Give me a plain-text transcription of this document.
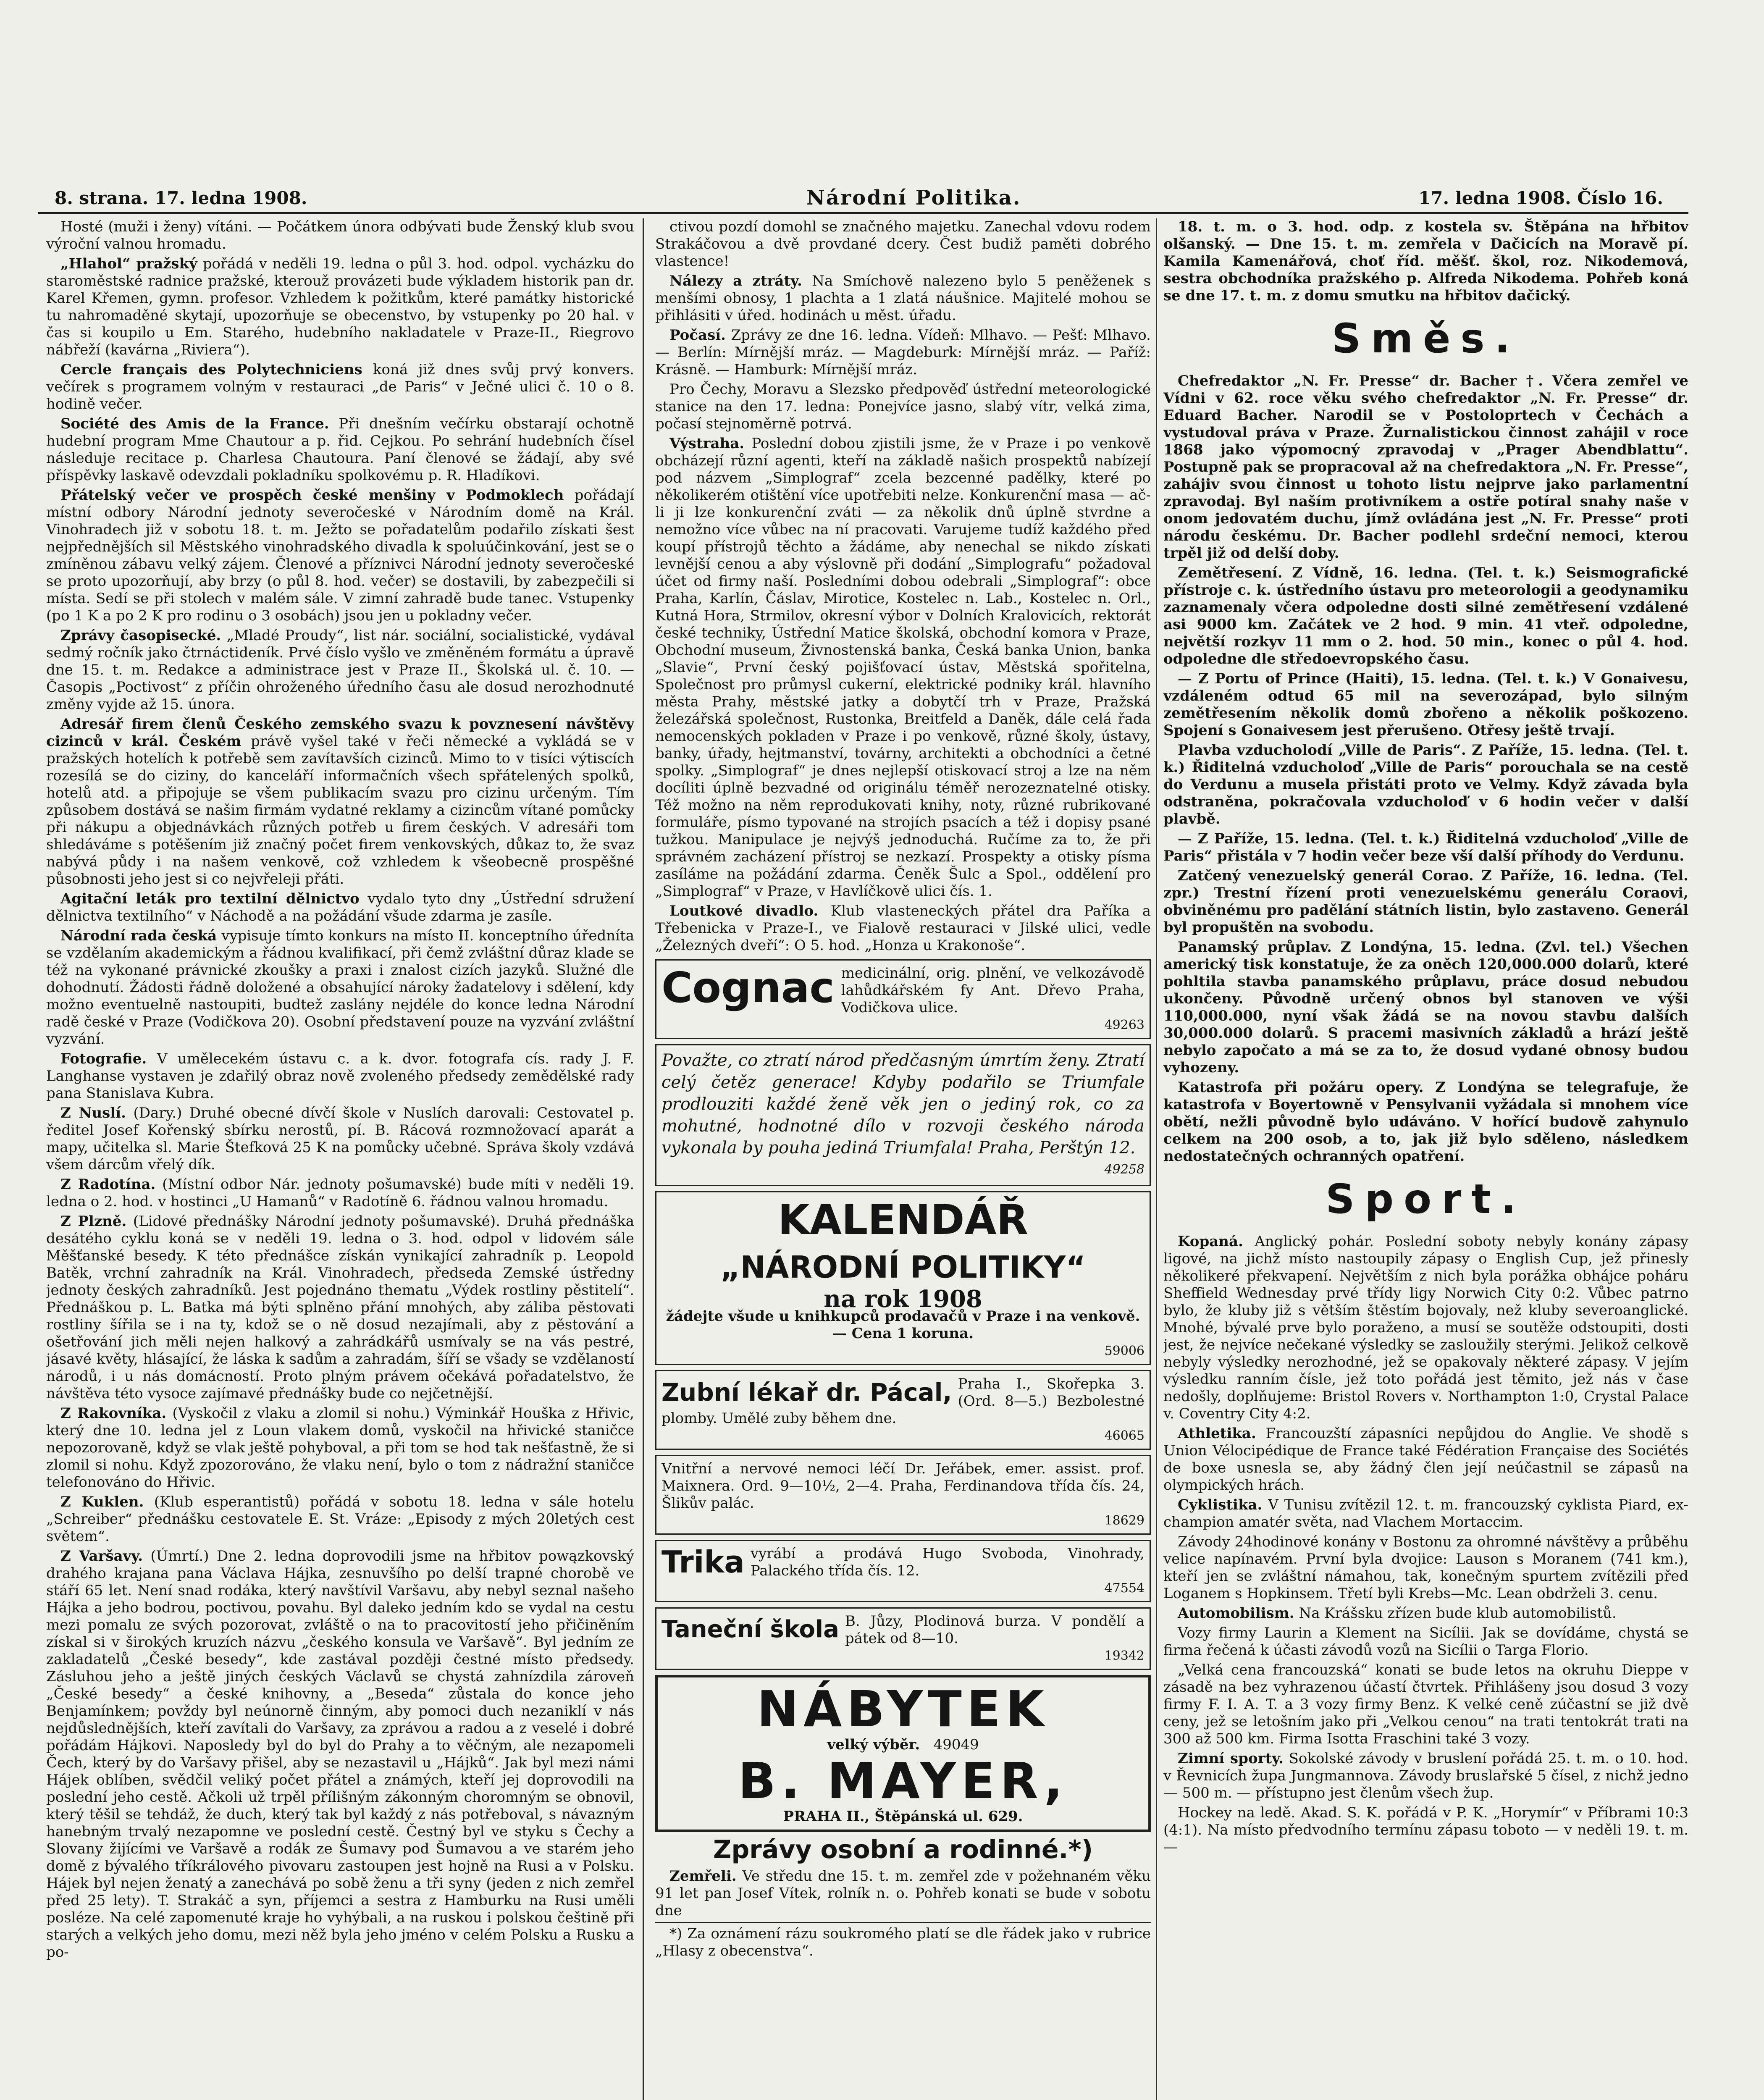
8. strana. 17. ledna 1908.	Národní Politika.	17. ledna 1908. Číslo 16.

Hosté (muži i ženy) vítáni. — Počátkem února odbývati bude Ženský klub svou výroční valnou hromadu.

„Hlahol“ pražský pořádá v neděli 19. ledna o půl 3. hod. odpol. vycházku do staroměstské radnice pražské, kterouž provázeti bude výkladem historik pan dr. Karel Křemen, gymn. profesor. Vzhledem k požitkům, které památky historické tu nahromaděné skytají, upozorňuje se obecenstvo, by vstupenky po 20 hal. v čas si koupilo u Em. Starého, hudebního nakladatele v Praze-II., Riegrovo nábřeží (kavárna „Riviera“).

Cercle français des Polytechniciens koná již dnes svůj prvý konvers. večírek s programem volným v restauraci „de Paris“ v Ječné ulici č. 10 o 8. hodině večer.

Société des Amis de la France. Při dnešním večírku obstarají ochotně hudební program Mme Chautour a p. řid. Cejkou. Po sehrání hudebních čísel následuje recitace p. Charlesa Chautoura. Paní členové se žádají, aby své příspěvky laskavě odevzdali pokladníku spolkovému p. R. Hladíkovi.

Přátelský večer ve prospěch české menšiny v Podmoklech pořádají místní odbory Národní jednoty severočeské v Národním domě na Král. Vinohradech již v sobotu 18. t. m. Ježto se pořadatelům podařilo získati šest nejpřednějších sil Městského vinohradského divadla k spoluúčinkování, jest se o zmíněnou zábavu velký zájem. Členové a příznivci Národní jednoty severočeské se proto upozorňují, aby brzy (o půl 8. hod. večer) se dostavili, by zabezpečili si místa. Sedí se při stolech v malém sále. V zimní zahradě bude tanec. Vstupenky (po 1 K a po 2 K pro rodinu o 3 osobách) jsou jen u pokladny večer.

Zprávy časopisecké. „Mladé Proudy“, list nár. sociální, socialistické, vydával sedmý ročník jako čtrnáctideník. Prvé číslo vyšlo ve změněném formátu a úpravě dne 15. t. m. Redakce a administrace jest v Praze II., Školská ul. č. 10. — Časopis „Poctivost“ z příčin ohroženého úředního času ale dosud nerozhodnuté změny vyjde až 15. února.

Adresář firem členů Českého zemského svazu k povznesení návštěvy cizinců v král. Českém právě vyšel také v řeči německé a vykládá se v pražských hotelích k potřebě sem zavítavších cizinců. Mimo to v tisíci výtiscích rozesílá se do ciziny, do kanceláří informačních všech spřátelených spolků, hotelů atd. a připojuje se všem publikacím svazu pro cizinu určeným. Tím způsobem dostává se našim firmám vydatné reklamy a cizincům vítané pomůcky při nákupu a objednávkách různých potřeb u firem českých. V adresáři tom shledáváme s potěšením již značný počet firem venkovských, důkaz to, že svaz nabývá půdy i na našem venkově, což vzhledem k všeobecně prospěšné působnosti jeho jest si co nejvřeleji přáti.

Agitační leták pro textilní dělnictvo vydalo tyto dny „Ústřední sdružení dělnictva textilního“ v Náchodě a na požádání všude zdarma je zasíle.

Národní rada česká vypisuje tímto konkurs na místo II. konceptního úředníta se vzdělaním akademickým a řádnou kvalifikací, při čemž zvláštní důraz klade se též na vykonané právnické zkoušky a praxi i znalost cizích jazyků. Služné dle dohodnutí. Žádosti řádně doložené a obsahující nároky žadatelovy i sdělení, kdy možno eventuelně nastoupiti, budtež zaslány nejdéle do konce ledna Národní radě české v Praze (Vodičkova 20). Osobní představení pouze na vyzvání zvláštní vyzvání.

Fotografie. V umělecekém ústavu c. a k. dvor. fotografa cís. rady J. F. Langhanse vystaven je zdařilý obraz nově zvoleného předsedy zemědělské rady pana Stanislava Kubra.

Z Nuslí. (Dary.) Druhé obecné dívčí škole v Nuslích darovali: Cestovatel p. ředitel Josef Kořenský sbírku nerostů, pí. B. Rácová rozmnožovací aparát a mapy, učitelka sl. Marie Štefková 25 K na pomůcky učebné. Správa školy vzdává všem dárcům vřelý dík.

Z Radotína. (Místní odbor Nár. jednoty pošumavské) bude míti v neděli 19. ledna o 2. hod. v hostinci „U Hamanů“ v Radotíně 6. řádnou valnou hromadu.

Z Plzně. (Lidové přednášky Národní jednoty pošumavské). Druhá přednáška desátého cyklu koná se v neděli 19. ledna o 3. hod. odpol v lidovém sále Měšťanské besedy. K této přednášce získán vynikající zahradník p. Leopold Batěk, vrchní zahradník na Král. Vinohradech, předseda Zemské ústředny jednoty českých zahradníků. Jest pojednáno thematu „Výdek rostliny pěstitelí“. Přednáškou p. L. Batka má býti splněno přání mnohých, aby záliba pěstovati rostliny šířila se i na ty, kdož se o ně dosud nezajímali, aby z pěstování a ošetřování jich měli nejen halkový a zahrádkářů usmívaly se na vás pestré, jásavé květy, hlásající, že láska k sadům a zahradám, šíří se všady se vzdělaností národů, i u nás domácností. Proto plným právem očekává pořadatelstvo, že návštěva této vysoce zajímavé přednášky bude co nejčetnější.

Z Rakovníka. (Vyskočil z vlaku a zlomil si nohu.) Výminkář Houška z Hřivic, který dne 10. ledna jel z Loun vlakem domů, vyskočil na hřivické staničce nepozorovaně, když se vlak ještě pohyboval, a při tom se hod tak nešťastně, že si zlomil si nohu. Když zpozorováno, že vlaku není, bylo o tom z nádražní staničce telefonováno do Hřivic.

Z Kuklen. (Klub esperantistů) pořádá v sobotu 18. ledna v sále hotelu „Schreiber“ přednášku cestovatele E. St. Vráze: „Episody z mých 20letých cest světem“.

Z Varšavy. (Úmrtí.) Dne 2. ledna doprovodili jsme na hřbitov powązkovský drahého krajana pana Václava Hájka, zesnuvšího po delší trapné chorobě ve stáří 65 let. Není snad rodáka, který navštívil Varšavu, aby nebyl seznal našeho Hájka a jeho bodrou, poctivou, povahu. Byl daleko jedním kdo se vydal na cestu mezi pomalu ze svých pozorovat, zvláště o na to pracovitostí jeho přičiněním získal si v širokých kruzích názvu „českého konsula ve Varšavě“. Byl jedním ze zakladatelů „České besedy“, kde zastával později čestné místo předsedy. Zásluhou jeho a ještě jiných českých Václavů se chystá zahnízdila zároveň „České besedy“ a české knihovny, a „Beseda“ zůstala do konce jeho Benjamínkem; povždy byl neúnorně činným, aby pomoci duch nezaniklí v nás nejdůslednějších, kteří zavítali do Varšavy, za zprávou a radou a z veselé i dobré pořádám Hájkovi. Naposledy byl do byl do Prahy a to věčným, ale nezapomeli Čech, který by do Varšavy přišel, aby se nezastavil u „Hájků“. Jak byl mezi námi Hájek oblíben, svědčil veliký počet přátel a známých, kteří jej doprovodili na poslední jeho cestě. Ačkoli už trpěl přílišným zákonným choromným se obnovil, který těšil se tehdáž, že duch, který tak byl každý z nás potřeboval, s návazným hanebným trvalý nezapomne ve poslední cestě. Čestný byl ve styku s Čechy a Slovany žijícími ve Varšavě a rodák ze Šumavy pod Šumavou a ve starém jeho domě z bývalého tříkrálového pivovaru zastoupen jest hojně na Rusi a v Polsku. Hájek byl nejen ženatý a zanechává po sobě ženu a tři syny (jeden z nich zemřel před 25 lety). T. Strakáč a syn, příjemci a sestra z Hamburku na Rusi uměli posléze. Na celé zapomenuté kraje ho vyhýbali, a na ruskou i polskou češtině při starých a velkých jeho domu, mezi něž byla jeho jméno v celém Polsku a Rusku a po-

ctivou pozdí domohl se značného majetku. Zanechal vdovu rodem Strakáčovou a dvě provdané dcery. Čest budiž paměti dobrého vlastence!

Nálezy a ztráty. Na Smíchově nalezeno bylo 5 peněženek s menšími obnosy, 1 plachta a 1 zlatá náušnice. Majitelé mohou se přihlásiti v úřed. hodinách u měst. úřadu.

Počasí. Zprávy ze dne 16. ledna. Vídeň: Mlhavo. — Pešť: Mlhavo. — Berlín: Mírnější mráz. — Magdeburk: Mírnější mráz. — Paříž: Krásně. — Hamburk: Mírnější mráz.

Pro Čechy, Moravu a Slezsko předpověď ústřední meteorologické stanice na den 17. ledna: Ponejvíce jasno, slabý vítr, velká zima, počasí stejnoměrně potrvá.

Výstraha. Poslední dobou zjistili jsme, že v Praze i po venkově obcházejí různí agenti, kteří na základě našich prospektů nabízejí pod názvem „Simplograf“ zcela bezcenné padělky, které po několikerém otištění více upotřebiti nelze. Konkurenční masa — ač-li ji lze konkurenční zváti — za několik dnů úplně stvrdne a nemožno více vůbec na ní pracovati. Varujeme tudíž každého před koupí přístrojů těchto a žádáme, aby nenechal se nikdo získati levnější cenou a aby výslovně při dodání „Simplografu“ požadoval účet od firmy naší. Posledními dobou odebrali „Simplograf“: obce Praha, Karlín, Čáslav, Mirotice, Kostelec n. Lab., Kostelec n. Orl., Kutná Hora, Strmilov, okresní výbor v Dolních Kralovicích, rektorát české techniky, Ústřední Matice školská, obchodní komora v Praze, Obchodní museum, Živnostenská banka, Česká banka Union, banka „Slavie“, První český pojišťovací ústav, Městská spořitelna, Společnost pro průmysl cukerní, elektrické podniky král. hlavního města Prahy, městské jatky a dobytčí trh v Praze, Pražská železářská společnost, Rustonka, Breitfeld a Daněk, dále celá řada nemocenských pokladen v Praze i po venkově, různé školy, ústavy, banky, úřady, hejtmanství, továrny, architekti a obchodníci a četné spolky. „Simplograf“ je dnes nejlepší otiskovací stroj a lze na něm docíliti úplně bezvadné od originálu téměř nerozeznatelné otisky. Též možno na něm reprodukovati knihy, noty, různé rubrikované formuláře, písmo typované na strojích psacích a též i dopisy psané tužkou. Manipulace je nejvýš jednoduchá. Ručíme za to, že při správném zacházení přístroj se nezkazí. Prospekty a otisky písma zasíláme na požádání zdarma. Čeněk Šulc a Spol., oddělení pro „Simplograf“ v Praze, v Havlíčkově ulici čís. 1.

Loutkové divadlo. Klub vlasteneckých přátel dra Paříka a Třebenicka v Praze-I., ve Fialově restauraci v Jilské ulici, vedle „Železných dveří“: O 5. hod. „Honza u Krakonoše“.

Cognac medicinální, orig. plnění, ve velkozávodě lahůdkářském fy Ant. Dřevo Praha, Vodičkova ulice.
49263
Považte, co ztratí národ předčasným úmrtím ženy. Ztratí celý četěz generace! Kdyby podařilo se Triumfale prodlouziti každé ženě věk jen o jediný rok, co za mohutné, hodnotné dílo v rozvoji českého národa vykonala by pouha jediná Triumfala! Praha, Perštýn 12.
49258
KALENDÁŘ
„NÁRODNÍ POLITIKY“
na rok 1908
žádejte všude u knihkupců prodavačů v Praze i na venkově. — Cena 1 koruna.
59006
Zubní lékař dr. Pácal, Praha I., Skořepka 3. (Ord. 8—5.) Bezbolestné plomby. Umělé zuby během dne.
46065
Vnitřní a nervové nemoci léčí Dr. Jeřábek, emer. assist. prof. Maixnera. Ord. 9—10½, 2—4. Praha, Ferdinandova třída čís. 24, Šlikův palác.
18629
Trika vyrábí a prodává Hugo Svoboda, Vinohrady, Palackého třída čís. 12.
47554
Taneční škola B. Jůzy, Plodinová burza. V pondělí a pátek od 8—10.
19342
NÁBYTEK
velký výběr. 49049
B. MAYER,
PRAHA II., Štěpánská ul. 629.
Zprávy osobní a rodinné.*)

Zemřeli. Ve středu dne 15. t. m. zemřel zde v požehnaném věku 91 let pan Josef Vítek, rolník n. o. Pohřeb konati se bude v sobotu dne

*) Za oznámení rázu soukromého platí se dle řádek jako v rubrice „Hlasy z obecenstva“.

18. t. m. o 3. hod. odp. z kostela sv. Štěpána na hřbitov olšanský. — Dne 15. t. m. zemřela v Dačicích na Moravě pí. Kamila Kamenářová, choť říd. měšť. škol, roz. Nikodemová, sestra obchodníka pražského p. Alfreda Nikodema. Pohřeb koná se dne 17. t. m. z domu smutku na hřbitov dačický.

Směs.

Chefredaktor „N. Fr. Presse“ dr. Bacher †. Včera zemřel ve Vídni v 62. roce věku svého chefredaktor „N. Fr. Presse“ dr. Eduard Bacher. Narodil se v Postoloprtech v Čechách a vystudoval práva v Praze. Žurnalistickou činnost zahájil v roce 1868 jako výpomocný zpravodaj v „Prager Abendblattu“. Postupně pak se propracoval až na chefredaktora „N. Fr. Presse“, zahájiv svou činnost u tohoto listu nejprve jako parlamentní zpravodaj. Byl naším protivníkem a ostře potíral snahy naše v onom jedovatém duchu, jímž ovládána jest „N. Fr. Presse“ proti národu českému. Dr. Bacher podlehl srdeční nemoci, kterou trpěl již od delší doby.

Zemětřesení. Z Vídně, 16. ledna. (Tel. t. k.) Seismografické přístroje c. k. ústředního ústavu pro meteorologii a geodynamiku zaznamenaly včera odpoledne dosti silné zemětřesení vzdálené asi 9000 km. Začátek ve 2 hod. 9 min. 41 vteř. odpoledne, největší rozkyv 11 mm o 2. hod. 50 min., konec o půl 4. hod. odpoledne dle středoevropského času.

— Z Portu of Prince (Haiti), 15. ledna. (Tel. t. k.) V Gonaivesu, vzdáleném odtud 65 mil na severozápad, bylo silným zemětřesením několik domů zbořeno a několik poškozeno. Spojení s Gonaivesem jest přerušeno. Otřesy ještě trvají.

Plavba vzducholodí „Ville de Paris“. Z Paříže, 15. ledna. (Tel. t. k.) Řiditelná vzducholoď „Ville de Paris“ porouchala se na cestě do Verdunu a musela přistáti proto ve Velmy. Když závada byla odstraněna, pokračovala vzducholoď v 6 hodin večer v další plavbě.

— Z Paříže, 15. ledna. (Tel. t. k.) Řiditelná vzducholoď „Ville de Paris“ přistála v 7 hodin večer beze vší další příhody do Verdunu.

Zatčený venezuelský generál Corao. Z Paříže, 16. ledna. (Tel. zpr.) Trestní řízení proti venezuelskému generálu Coraovi, obviněnému pro padělání státních listin, bylo zastaveno. Generál byl propuštěn na svobodu.

Panamský průplav. Z Londýna, 15. ledna. (Zvl. tel.) Všechen americký tisk konstatuje, že za oněch 120,000.000 dolarů, které pohltila stavba panamského průplavu, práce dosud nebudou ukončeny. Původně určený obnos byl stanoven ve výši 110,000.000, nyní však žádá se na novou stavbu dalších 30,000.000 dolarů. S pracemi masivních základů a hrází ještě nebylo započato a má se za to, že dosud vydané obnosy budou vyhozeny.

Katastrofa při požáru opery. Z Londýna se telegrafuje, že katastrofa v Boyertowně v Pensylvanii vyžádala si mnohem více obětí, nežli původně bylo udáváno. V hořící budově zahynulo celkem na 200 osob, a to, jak již bylo sděleno, následkem nedostatečných ochranných opatření.

Sport.

Kopaná. Anglický pohár. Poslední soboty nebyly konány zápasy ligové, na jichž místo nastoupily zápasy o English Cup, jež přinesly několikeré překvapení. Největším z nich byla porážka obhájce poháru Sheffield Wednesday prvé třídy ligy Norwich City 0:2. Vůbec patrno bylo, že kluby již s větším štěstím bojovaly, než kluby severoanglické. Mnohé, bývalé prve bylo poraženo, a musí se soutěže odstoupiti, dosti jest, že nejvíce nečekané výsledky se zasloužily sterými. Jelikož celkově nebyly výsledky nerozhodné, jež se opakovaly některé zápasy. V jejím výsledku ranním čísle, jež toto pořádá jest těmito, jež nás v čase nedošly, doplňujeme: Bristol Rovers v. Northampton 1:0, Crystal Palace v. Coventry City 4:2.

Athletika. Francouzští zápasníci nepůjdou do Anglie. Ve shodě s Union Vélocipédique de France také Fédération Française des Sociétés de boxe usnesla se, aby žádný člen její neúčastnil se zápasů na olympických hrách.

Cyklistika. V Tunisu zvítězil 12. t. m. francouzský cyklista Piard, ex-champion amatér světa, nad Vlachem Mortaccim.

Závody 24hodinové konány v Bostonu za ohromné návštěvy a průběhu velice napínavém. První byla dvojice: Lauson s Moranem (741 km.), kteří jen se zvláštní námahou, tak, konečným spurtem zvítězili před Loganem s Hopkinsem. Třetí byli Krebs—Mc. Lean obdrželi 3. cenu.

Automobilism. Na Krášsku zřízen bude klub automobilistů.

Vozy firmy Laurin a Klement na Sicílii. Jak se dovídáme, chystá se firma řečená k účasti závodů vozů na Sicílii o Targa Florio.

„Velká cena francouzská“ konati se bude letos na okruhu Dieppe v zásadě na bez vyhrazenou účastí čtvrtek. Přihlášeny jsou dosud 3 vozy firmy F. I. A. T. a 3 vozy firmy Benz. K velké ceně zúčastní se již dvě ceny, jež se letošním jako při „Velkou cenou“ na trati tentokrát trati na 300 až 500 km. Firma Isotta Fraschini také 3 vozy.

Zimní sporty. Sokolské závody v bruslení pořádá 25. t. m. o 10. hod. v Řevnicích župa Jungmannova. Závody bruslařské 5 čísel, z nichž jedno — 500 m. — přístupno jest členům všech žup.

Hockey na ledě. Akad. S. K. pořádá v P. K. „Horymír“ v Příbrami 10:3 (4:1). Na místo předvodního termínu zápasu toboto — v neděli 19. t. m. —
